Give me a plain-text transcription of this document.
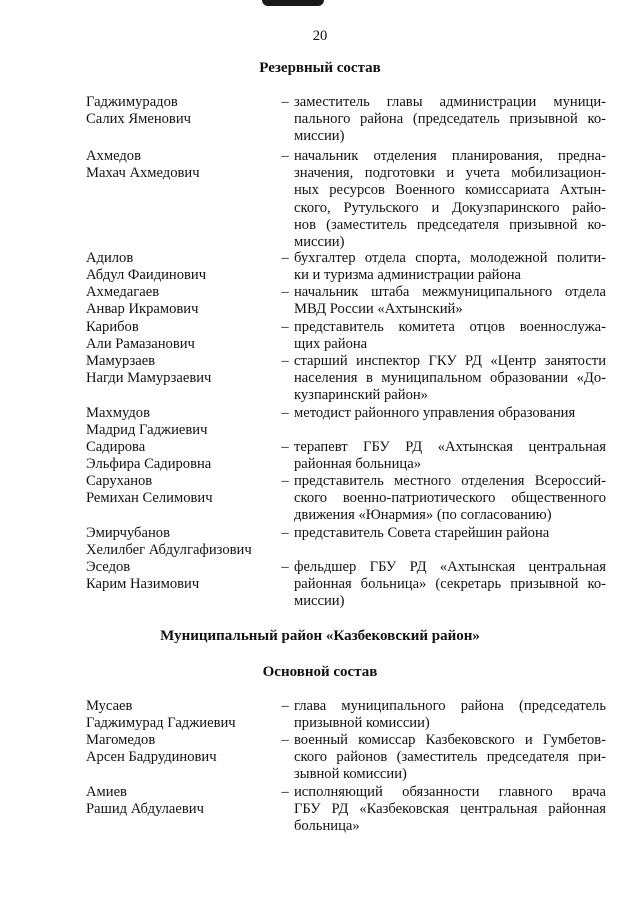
20
Резервный состав
Гаджимурадов
Салих Яменович
– заместитель главы администрации муници-
пального района (председатель призывной ко-
миссии)
Ахмедов
Махач Ахмедович
– начальник отделения планирования, предна-
значения, подготовки и учета мобилизацион-
ных ресурсов Военного комиссариата Ахтын-
ского, Рутульского и Докузпаринского райо-
нов (заместитель председателя призывной ко-
миссии)
Адилов
Абдул Фаидинович
– бухгалтер отдела спорта, молодежной полити-
ки и туризма администрации района
Ахмедагаев
Анвар Икрамович
– начальник штаба межмуниципального отдела
МВД России «Ахтынский»
Карибов
Али Рамазанович
– представитель комитета отцов военнослужа-
щих района
Мамурзаев
Нагди Мамурзаевич
– старший инспектор ГКУ РД «Центр занятости
населения в муниципальном образовании «До-
кузпаринский район»
Махмудов
Мадрид Гаджиевич
– методист районного управления образования
Садирова
Эльфира Садировна
– терапевт ГБУ РД «Ахтынская центральная
районная больница»
Саруханов
Ремихан Селимович
– представитель местного отделения Всероссий-
ского военно-патриотического общественного
движения «Юнармия» (по согласованию)
Эмирчубанов
Хелилбег Абдулгафизович
– представитель Совета старейшин района
Эседов
Карим Назимович
– фельдшер ГБУ РД «Ахтынская центральная
районная больница» (секретарь призывной ко-
миссии)
Муниципальный район «Казбековский район»
Основной состав
Мусаев
Гаджимурад Гаджиевич
– глава муниципального района (председатель
призывной комиссии)
Магомедов
Арсен Бадрудинович
– военный комиссар Казбековского и Гумбетов-
ского районов (заместитель председателя при-
зывной комиссии)
Амиев
Рашид Абдулаевич
– исполняющий обязанности главного врача
ГБУ РД «Казбековская центральная районная
больница»
